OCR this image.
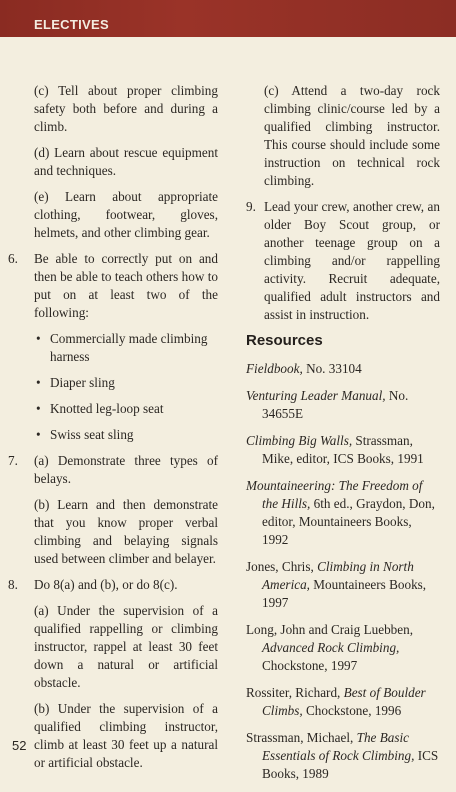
ELECTIVES

(c) Tell about proper climbing safety both before and during a climb.

(d) Learn about rescue equipment and techniques.

(e) Learn about appropriate clothing, footwear, gloves, helmets, and other climbing gear.

6. Be able to correctly put on and then be able to teach others how to put on at least two of the following:

• Commercially made climbing harness

• Diaper sling

• Knotted leg-loop seat

• Swiss seat sling

7. (a) Demonstrate three types of belays.

(b) Learn and then demonstrate that you know proper verbal climbing and belaying signals used between climber and belayer.

8. Do 8(a) and (b), or do 8(c).

(a) Under the supervision of a qualified rappelling or climbing instructor, rappel at least 30 feet down a natural or artificial obstacle.

(b) Under the supervision of a qualified climbing instructor, climb at least 30 feet up a natural or artificial obstacle.

(c) Attend a two-day rock climbing clinic/course led by a qualified climbing instructor. This course should include some instruction on technical rock climbing.

9. Lead your crew, another crew, an older Boy Scout group, or another teenage group on a climbing and/or rappelling activity. Recruit adequate, qualified adult instructors and assist in instruction.

Resources

Fieldbook, No. 33104

Venturing Leader Manual, No. 34655E

Climbing Big Walls, Strassman, Mike, editor, ICS Books, 1991

Mountaineering: The Freedom of the Hills, 6th ed., Graydon, Don, editor, Mountaineers Books, 1992

Jones, Chris, Climbing in North America, Mountaineers Books, 1997

Long, John and Craig Luebben, Advanced Rock Climbing, Chockstone, 1997

Rossiter, Richard, Best of Boulder Climbs, Chockstone, 1996

Strassman, Michael, The Basic Essentials of Rock Climbing, ICS Books, 1989

52
